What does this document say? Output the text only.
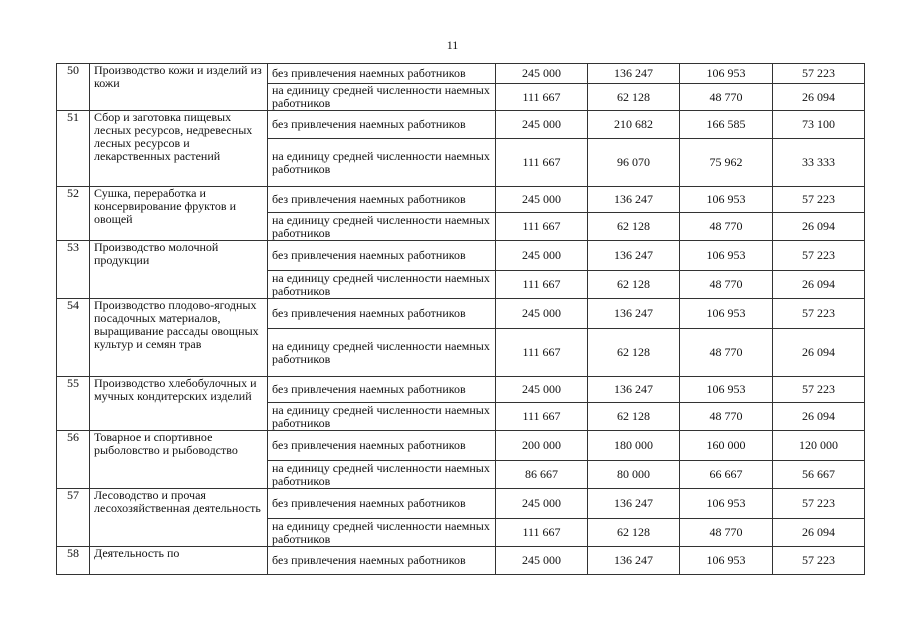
11
50	Производство кожи и изделий из кожи	без привлечения наемных работников	245 000	136 247	106 953	57 223
		на единицу средней численности наемных работников	111 667	62 128	48 770	26 094
51	Сбор и заготовка пищевых лесных ресурсов, недревесных лесных ресурсов и лекарственных растений	без привлечения наемных работников	245 000	210 682	166 585	73 100
		на единицу средней численности наемных работников	111 667	96 070	75 962	33 333
52	Сушка, переработка и консервирование фруктов и овощей	без привлечения наемных работников	245 000	136 247	106 953	57 223
		на единицу средней численности наемных работников	111 667	62 128	48 770	26 094
53	Производство молочной продукции	без привлечения наемных работников	245 000	136 247	106 953	57 223
		на единицу средней численности наемных работников	111 667	62 128	48 770	26 094
54	Производство плодово-ягодных посадочных материалов, выращивание рассады овощных культур и семян трав	без привлечения наемных работников	245 000	136 247	106 953	57 223
		на единицу средней численности наемных работников	111 667	62 128	48 770	26 094
55	Производство хлебобулочных и мучных кондитерских изделий	без привлечения наемных работников	245 000	136 247	106 953	57 223
		на единицу средней численности наемных работников	111 667	62 128	48 770	26 094
56	Товарное и спортивное рыболовство и рыбоводство	без привлечения наемных работников	200 000	180 000	160 000	120 000
		на единицу средней численности наемных работников	86 667	80 000	66 667	56 667
57	Лесоводство и прочая лесохозяйственная деятельность	без привлечения наемных работников	245 000	136 247	106 953	57 223
		на единицу средней численности наемных работников	111 667	62 128	48 770	26 094
58	Деятельность по	без привлечения наемных работников	245 000	136 247	106 953	57 223
